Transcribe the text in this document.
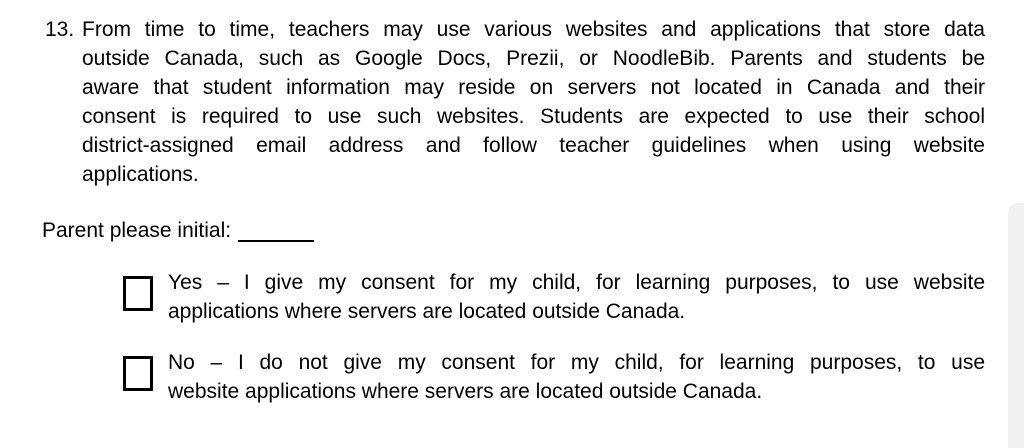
13. From time to time, teachers may use various websites and applications that store data
outside Canada, such as Google Docs, Prezii, or NoodleBib. Parents and students be
aware that student information may reside on servers not located in Canada and their
consent is required to use such websites. Students are expected to use their school
district-assigned email address and follow teacher guidelines when using website
applications.
Parent please initial:
Yes – I give my consent for my child, for learning purposes, to use website
applications where servers are located outside Canada.
No – I do not give my consent for my child, for learning purposes, to use
website applications where servers are located outside Canada.
